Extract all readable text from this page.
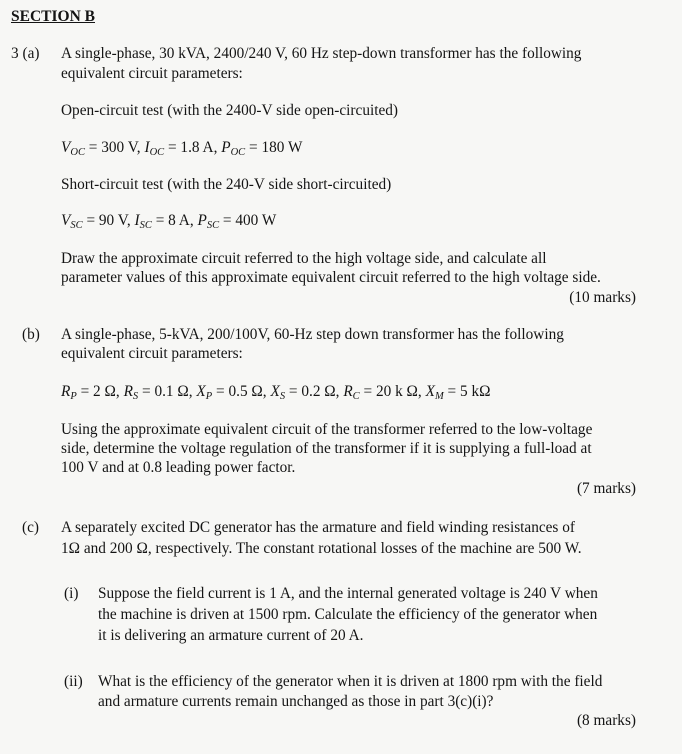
SECTION B
3 (a) A single-phase, 30 kVA, 2400/240 V, 60 Hz step-down transformer has the following
equivalent circuit parameters:
Open-circuit test (with the 2400-V side open-circuited)
$V_{OC} = 300$ V, $I_{OC} = 1.8$ A, $P_{OC} = 180$ W
Short-circuit test (with the 240-V side short-circuited)
$V_{SC} = 90$ V, $I_{SC} = 8$ A, $P_{SC} = 400$ W
Draw the approximate circuit referred to the high voltage side, and calculate all
parameter values of this approximate equivalent circuit referred to the high voltage side.
(10 marks)
(b) A single-phase, 5-kVA, 200/100V, 60-Hz step down transformer has the following
equivalent circuit parameters:
$R_P = 2$ Ω, $R_S = 0.1$ Ω, $X_P = 0.5$ Ω, $X_S = 0.2$ Ω, $R_C = 20$ k Ω, $X_M = 5$ kΩ
Using the approximate equivalent circuit of the transformer referred to the low-voltage
side, determine the voltage regulation of the transformer if it is supplying a full-load at
100 V and at 0.8 leading power factor.
(7 marks)
(c) A separately excited DC generator has the armature and field winding resistances of
1Ω and 200 Ω, respectively. The constant rotational losses of the machine are 500 W.
(i) Suppose the field current is 1 A, and the internal generated voltage is 240 V when
the machine is driven at 1500 rpm. Calculate the efficiency of the generator when
it is delivering an armature current of 20 A.
(ii) What is the efficiency of the generator when it is driven at 1800 rpm with the field
and armature currents remain unchanged as those in part 3(c)(i)?
(8 marks)
